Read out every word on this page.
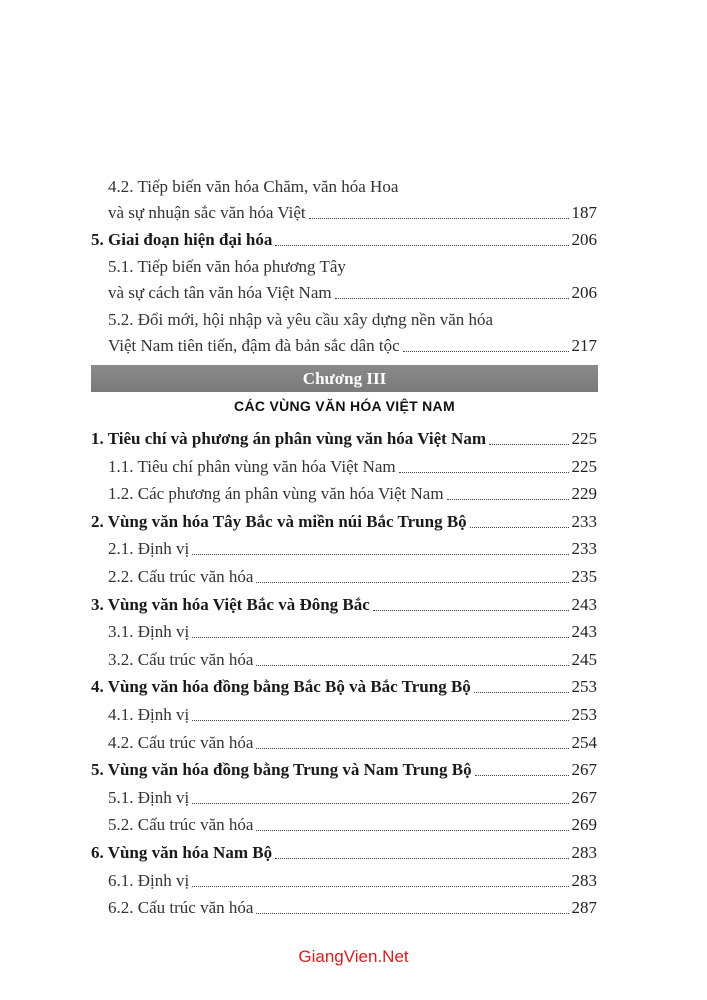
4.2. Tiếp biến văn hóa Chăm, văn hóa Hoa
và sự nhuận sắc văn hóa Việt	187
5. Giai đoạn hiện đại hóa	206
5.1. Tiếp biến văn hóa phương Tây
và sự cách tân văn hóa Việt Nam	206
5.2. Đổi mới, hội nhập và yêu cầu xây dựng nền văn hóa
Việt Nam tiên tiến, đậm đà bản sắc dân tộc	217
Chương III
CÁC VÙNG VĂN HÓA VIỆT NAM
1. Tiêu chí và phương án phân vùng văn hóa Việt Nam	225
1.1. Tiêu chí phân vùng văn hóa Việt Nam	225
1.2. Các phương án phân vùng văn hóa Việt Nam	229
2. Vùng văn hóa Tây Bắc và miền núi Bắc Trung Bộ	233
2.1. Định vị	233
2.2. Cấu trúc văn hóa	235
3. Vùng văn hóa Việt Bắc và Đông Bắc	243
3.1. Định vị	243
3.2. Cấu trúc văn hóa	245
4. Vùng văn hóa đồng bằng Bắc Bộ và Bắc Trung Bộ	253
4.1. Định vị	253
4.2. Cấu trúc văn hóa	254
5. Vùng văn hóa đồng bằng Trung và Nam Trung Bộ	267
5.1. Định vị	267
5.2. Cấu trúc văn hóa	269
6. Vùng văn hóa Nam Bộ	283
6.1. Định vị	283
6.2. Cấu trúc văn hóa	287
GiangVien.Net
